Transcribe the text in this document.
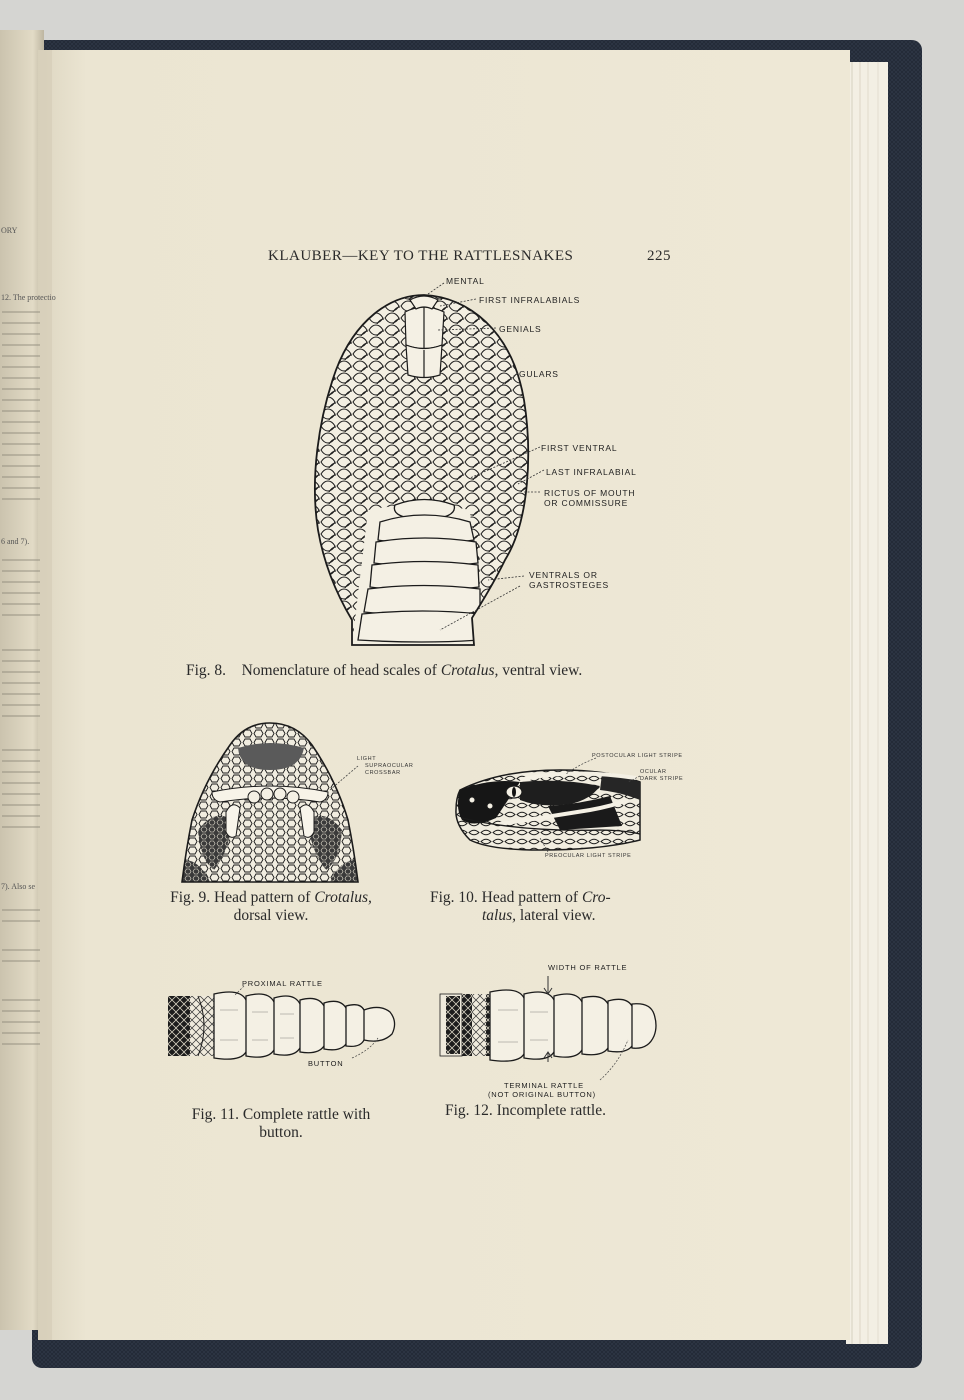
ORY
12. The protectio
6 and 7).
7). Also se
KLAUBER—KEY TO THE RATTLESNAKES	225
MENTAL
FIRST INFRALABIALS
GENIALS
GULARS
FIRST VENTRAL
LAST INFRALABIAL
RICTUS OF MOUTH
OR COMMISSURE
VENTRALS OR
GASTROSTEGES
Fig. 8. Nomenclature of head scales of Crotalus, ventral view.
LIGHT
SUPRAOCULAR
CROSSBAR
Fig. 9. Head pattern of Crotalus,
dorsal view.
POSTOCULAR LIGHT STRIPE
OCULAR
DARK STRIPE
PREOCULAR LIGHT STRIPE
Fig. 10. Head pattern of Cro-
talus, lateral view.
PROXIMAL RATTLE
BUTTON
Fig. 11. Complete rattle with
button.
WIDTH OF RATTLE
TERMINAL RATTLE
(NOT ORIGINAL BUTTON)
Fig. 12. Incomplete rattle.
